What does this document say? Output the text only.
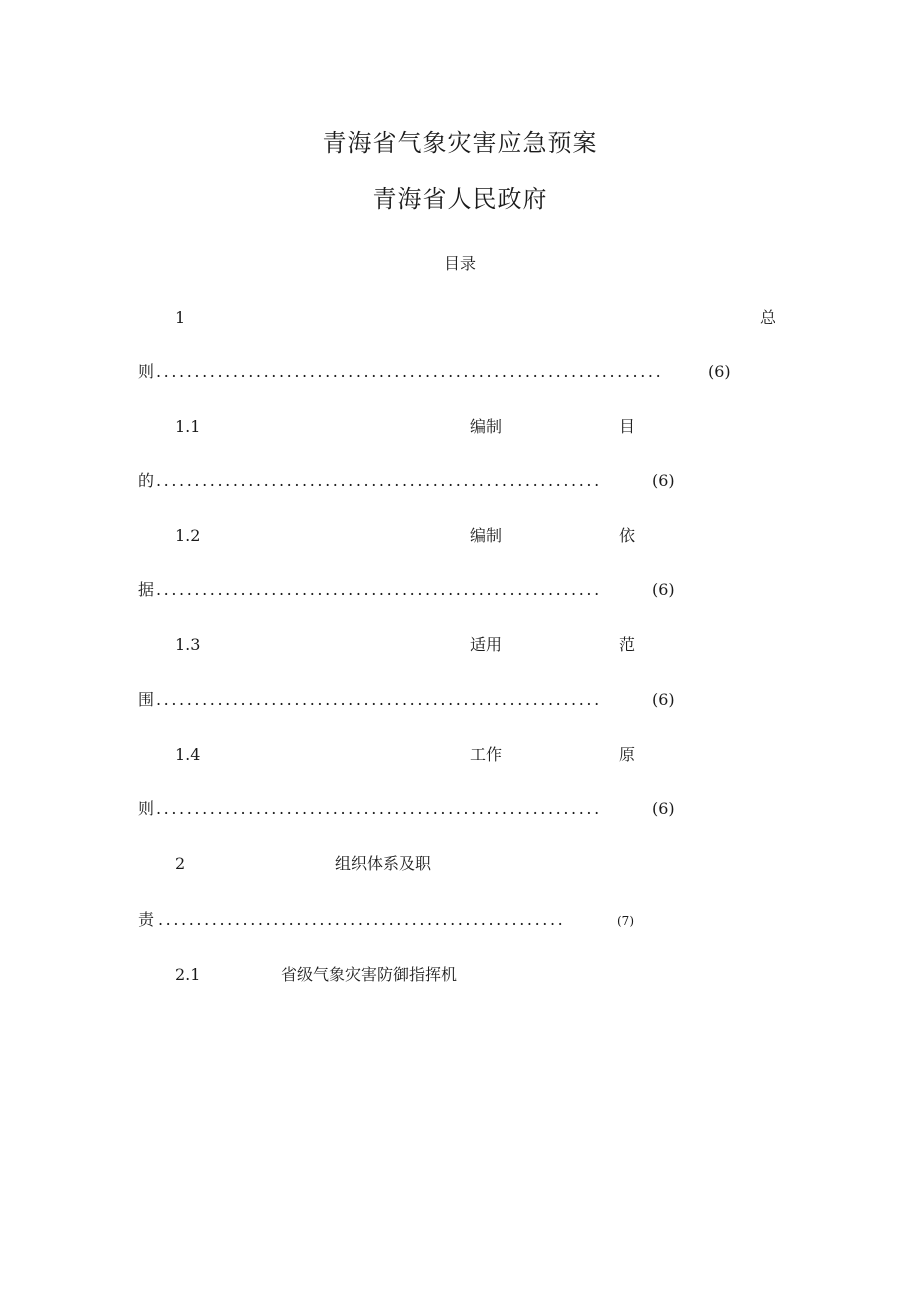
青海省气象灾害应急预案
青海省人民政府
目录
1	总
则 ..................................................................	(6)
1.1	编制	目
的 ..........................................................	(6)
1.2	编制	依
据 ..........................................................	(6)
1.3	适用	范
围 ..........................................................	(6)
1.4	工作	原
则 ..........................................................	(6)
2	组织体系及职
责 .....................................................	(7)
2.1	省级气象灾害防御指挥机
